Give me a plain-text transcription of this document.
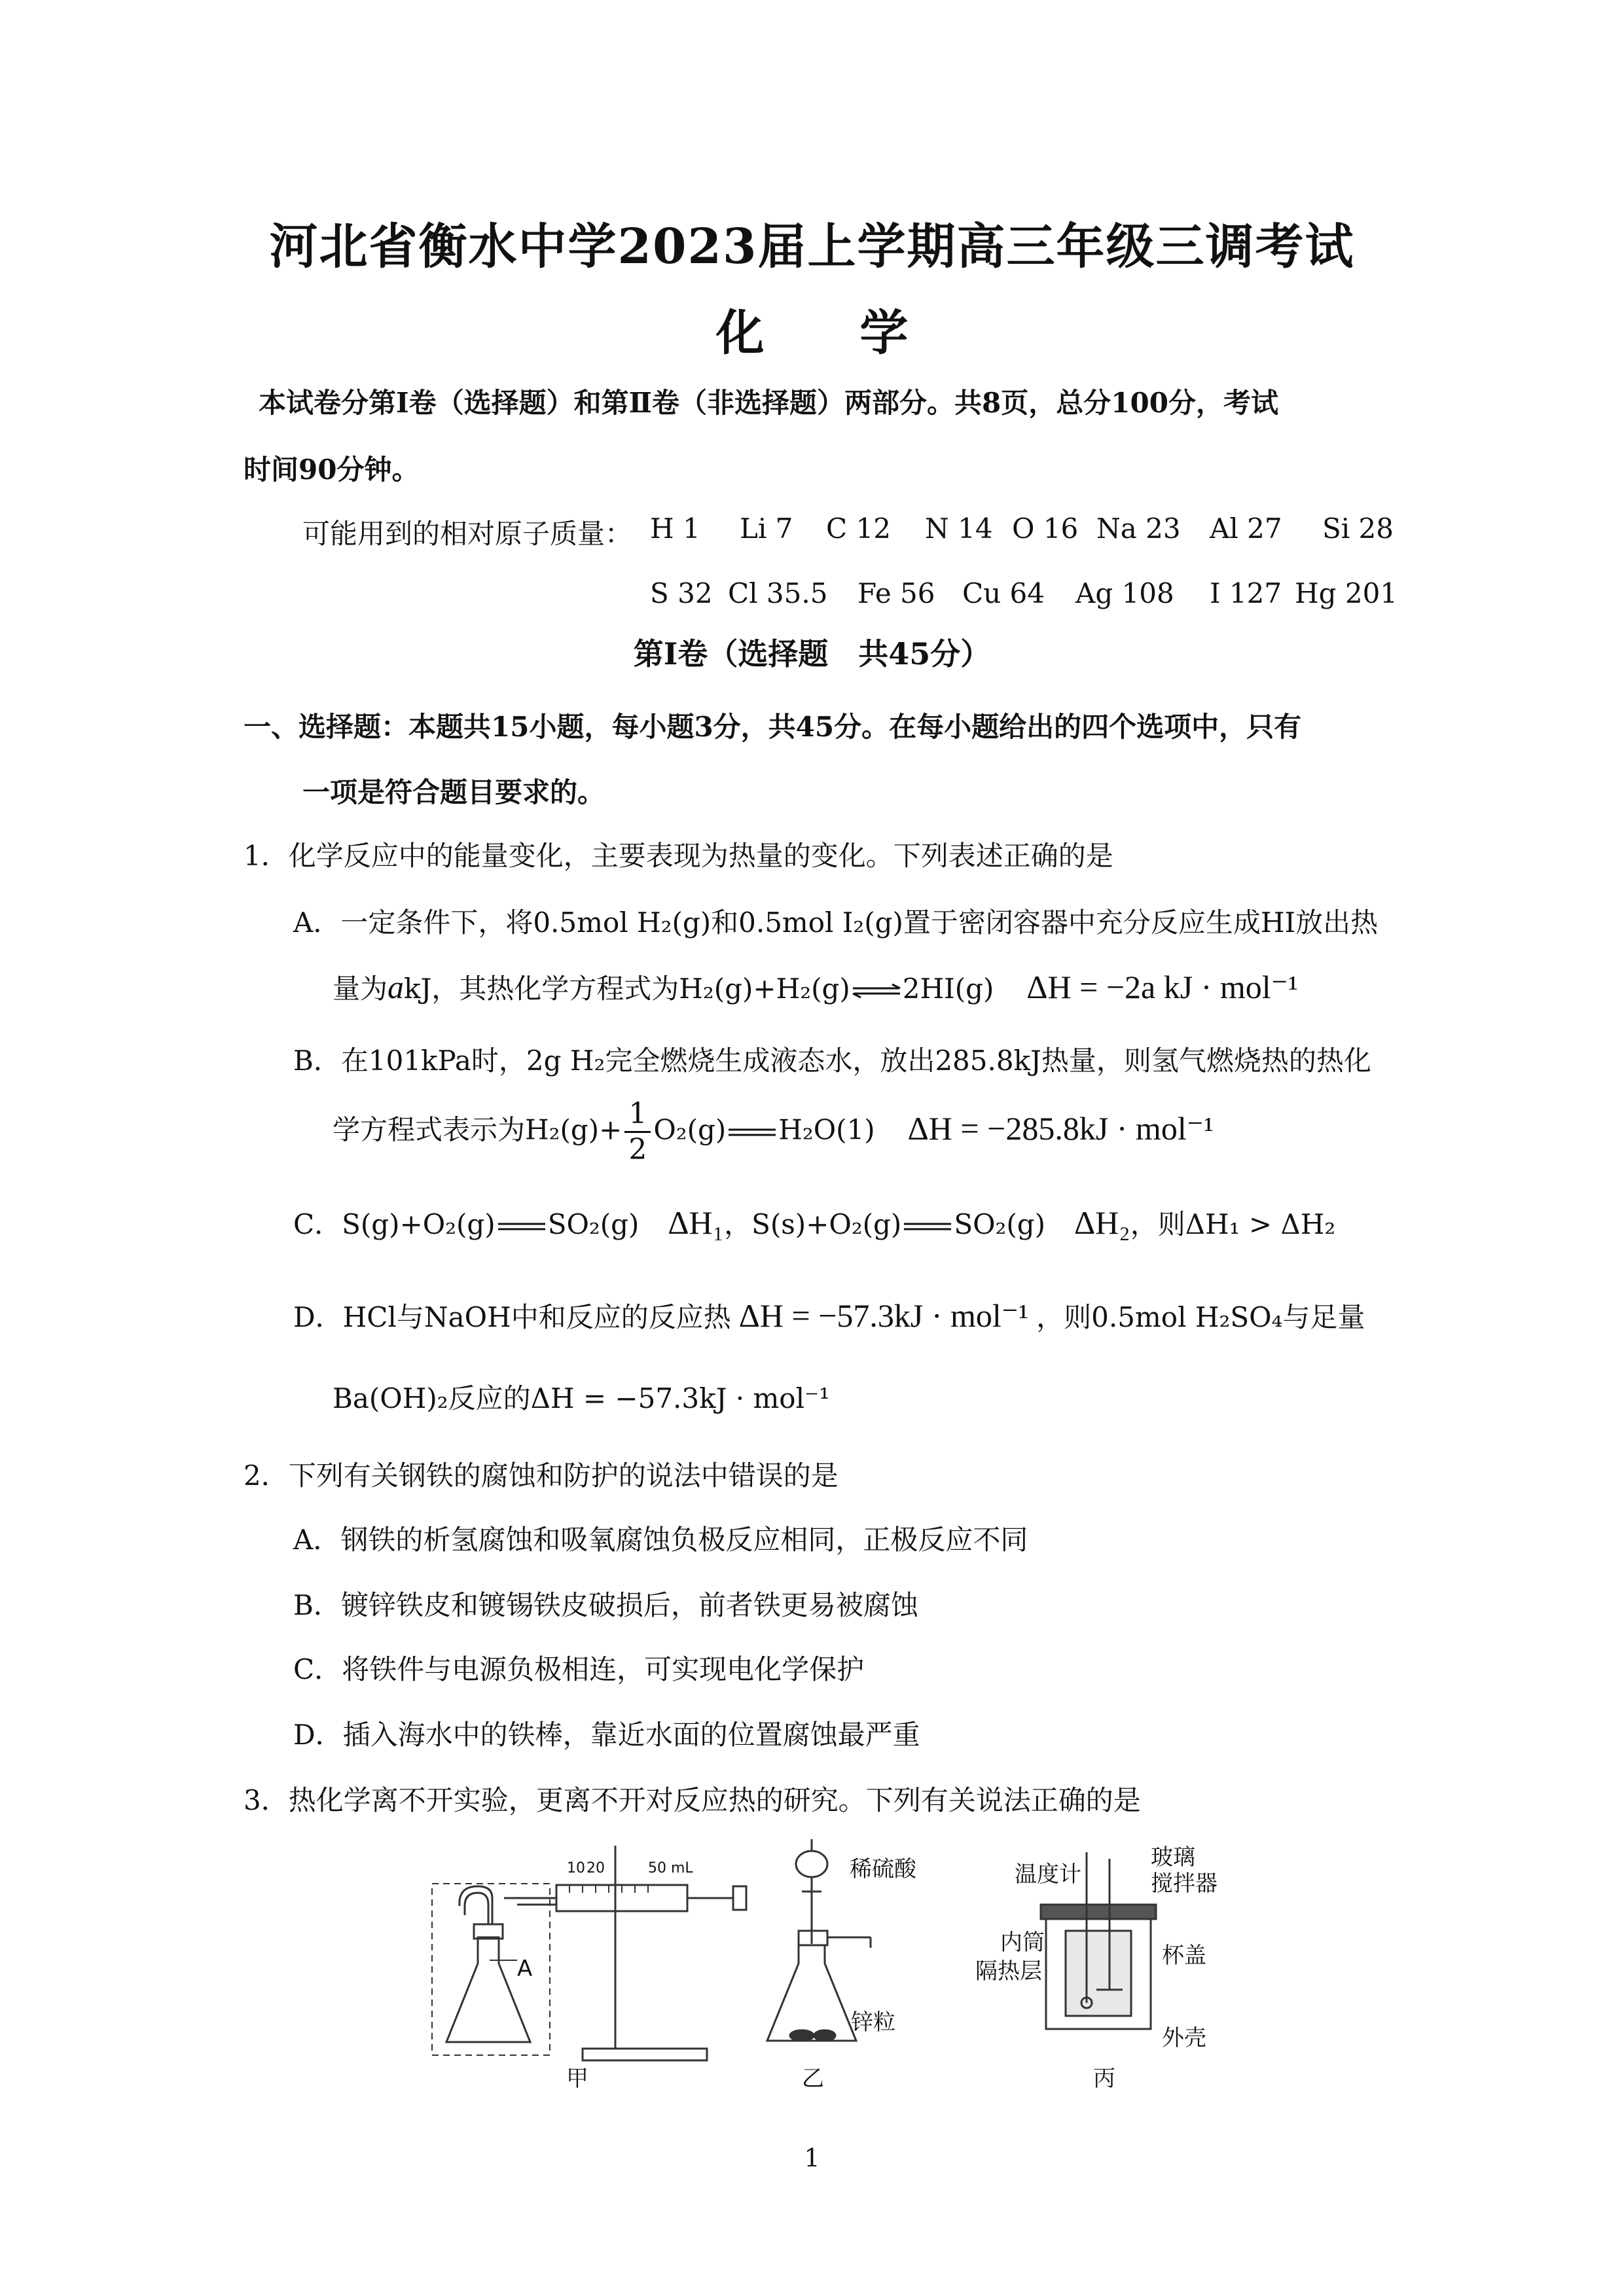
河北省衡水中学2023届上学期高三年级三调考试
化 学
本试卷分第Ⅰ卷（选择题）和第Ⅱ卷（非选择题）两部分。共8页，总分100分，考试
时间90分钟。
可能用到的相对原子质量： H 1 Li 7 C 12 N 14 O 16 Na 23 Al 27 Si 28
S 32 Cl 35.5 Fe 56 Cu 64 Ag 108 I 127 Hg 201
第Ⅰ卷（选择题　共45分）
一、选择题：本题共15小题，每小题3分，共45分。在每小题给出的四个选项中，只有
一项是符合题目要求的。
1．化学反应中的能量变化，主要表现为热量的变化。下列表述正确的是
A．一定条件下，将0.5mol H₂(g)和0.5mol I₂(g)置于密闭容器中充分反应生成HI放出热
量为akJ，其热化学方程式为H₂(g)+H₂(g)⇌2HI(g) ΔH = −2a kJ · mol⁻¹
B．在101kPa时，2g H₂完全燃烧生成液态水，放出285.8kJ热量，则氢气燃烧热的热化
学方程式表示为$H_2(g)+ \frac{1}{2} O_2(g)$ H₂O(1) ΔH = −285.8kJ · mol⁻¹
C．S(g)+O₂(g) SO₂(g) ΔH₁，S(s)+O₂(g) SO₂(g) ΔH₂，则ΔH₁ > ΔH₂
D．HCl与NaOH中和反应的反应热 ΔH = −57.3kJ · mol⁻¹ ，则0.5mol H₂SO₄与足量
Ba(OH)₂反应的ΔH = −57.3kJ · mol⁻¹
2．下列有关钢铁的腐蚀和防护的说法中错误的是
A．钢铁的析氢腐蚀和吸氧腐蚀负极反应相同，正极反应不同
B．镀锌铁皮和镀锡铁皮破损后，前者铁更易被腐蚀
C．将铁件与电源负极相连，可实现电化学保护
D．插入海水中的铁棒，靠近水面的位置腐蚀最严重
3．热化学离不开实验，更离不开对反应热的研究。下列有关说法正确的是
A
10 20	50 mL
甲
稀硫酸
锌粒
乙
温度计
玻璃
搅拌器
内筒
隔热层
杯盖
外壳
丙
1
